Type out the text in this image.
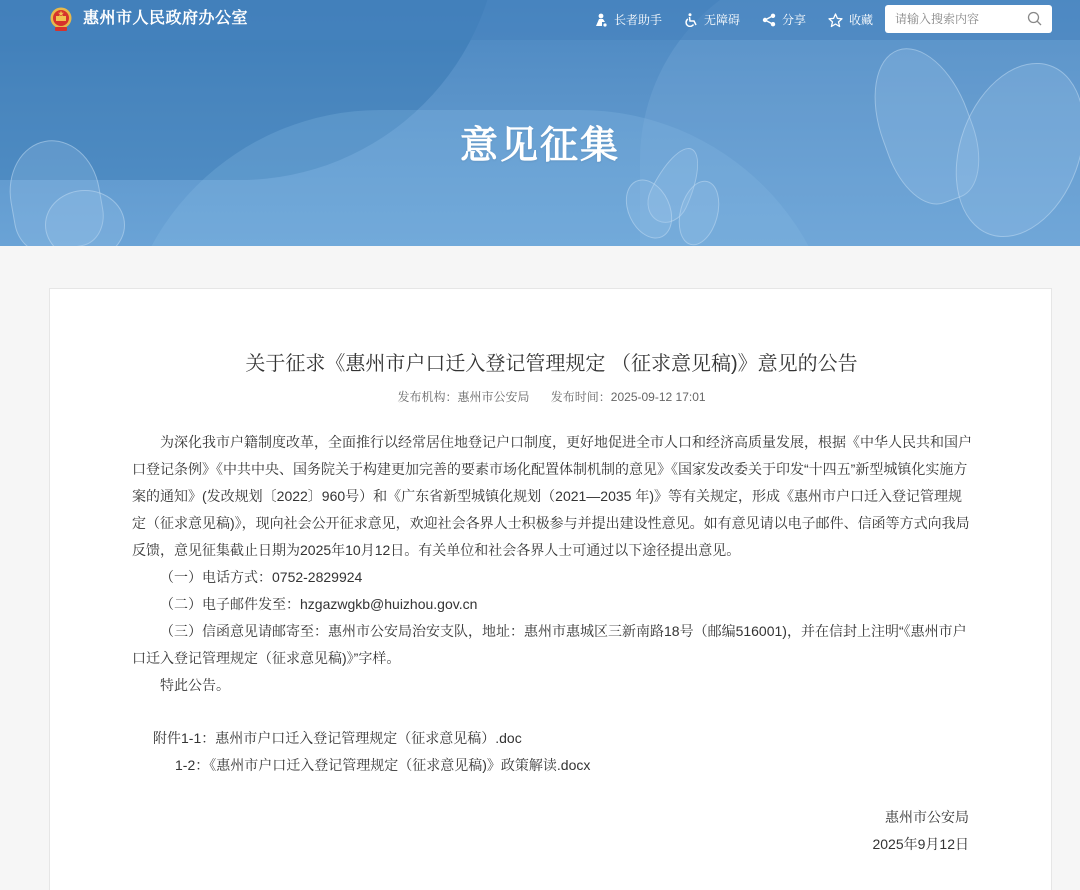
惠州市人民政府办公室	长者助手	无障碍	分享	收藏
请输入搜索内容
意见征集
关于征求《惠州市户口迁入登记管理规定 （征求意见稿)》意见的公告
发布机构：惠州市公安局 发布时间：2025-09-12 17:01

为深化我市户籍制度改革，全面推行以经常居住地登记户口制度，更好地促进全市人口和经济高质量发展，根据《中华人民共和国户口登记条例》《中共中央、国务院关于构建更加完善的要素市场化配置体制机制的意见》《国家发改委关于印发“十四五”新型城镇化实施方案的通知》(发改规划〔2022〕960号）和《广东省新型城镇化规划（2021—2035 年)》等有关规定，形成《惠州市户口迁入登记管理规定（征求意见稿)》，现向社会公开征求意见，欢迎社会各界人士积极参与并提出建设性意见。如有意见请以电子邮件、信函等方式向我局反馈，意见征集截止日期为2025年10月12日。有关单位和社会各界人士可通过以下途径提出意见。

（一）电话方式：0752-2829924

（二）电子邮件发至：hzgazwgkb@huizhou.gov.cn

（三）信函意见请邮寄至：惠州市公安局治安支队，地址：惠州市惠城区三新南路18号（邮编516001)，并在信封上注明“《惠州市户口迁入登记管理规定（征求意见稿)》”字样。

特此公告。

附件1-1：惠州市户口迁入登记管理规定（征求意见稿）.doc
1-2：《惠州市户口迁入登记管理规定（征求意见稿)》政策解读.docx
惠州市公安局
2025年9月12日
